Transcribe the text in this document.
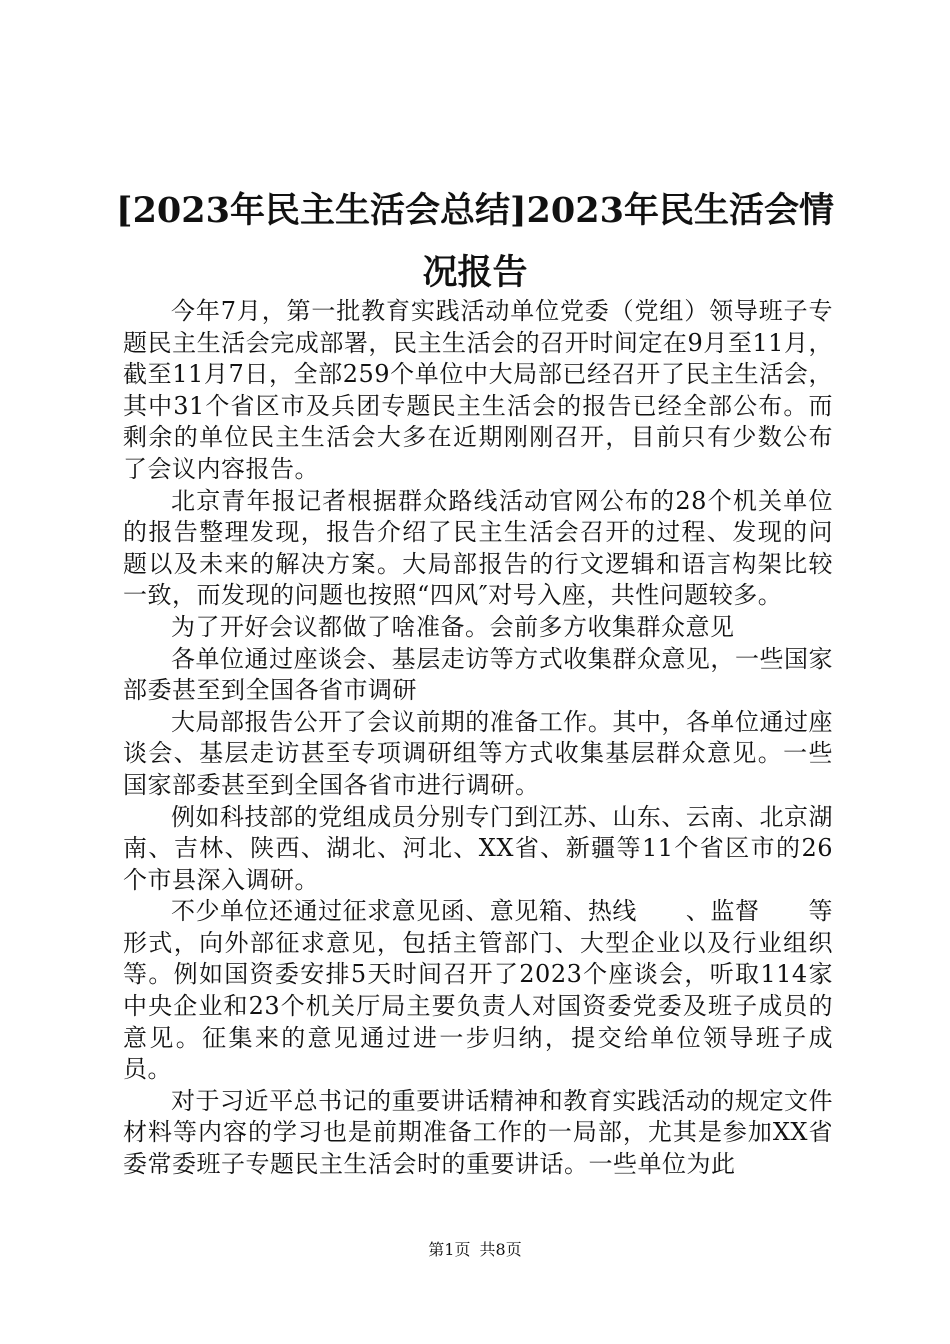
[2023年民主生活会总结]2023年民生活会情况报告

今年7月，第一批教育实践活动单位党委（党组）领导班子专题民主生活会完成部署，民主生活会的召开时间定在9月至11月，截至11月7日，全部259个单位中大局部已经召开了民主生活会，其中31个省区市及兵团专题民主生活会的报告已经全部公布。而剩余的单位民主生活会大多在近期刚刚召开，目前只有少数公布了会议内容报告。

北京青年报记者根据群众路线活动官网公布的28个机关单位的报告整理发现，报告介绍了民主生活会召开的过程、发现的问题以及未来的解决方案。大局部报告的行文逻辑和语言构架比较一致，而发现的问题也按照“四风″对号入座，共性问题较多。

为了开好会议都做了啥准备。会前多方收集群众意见

各单位通过座谈会、基层走访等方式收集群众意见，一些国家部委甚至到全国各省市调研

大局部报告公开了会议前期的准备工作。其中，各单位通过座谈会、基层走访甚至专项调研组等方式收集基层群众意见。一些国家部委甚至到全国各省市进行调研。

例如科技部的党组成员分别专门到江苏、山东、云南、北京湖南、吉林、陕西、湖北、河北、XX省、新疆等11个省区市的26个市县深入调研。

不少单位还通过征求意见函、意见箱、热线　　、监督　　等形式，向外部征求意见，包括主管部门、大型企业以及行业组织等。例如国资委安排5天时间召开了2023个座谈会，听取114家中央企业和23个机关厅局主要负责人对国资委党委及班子成员的意见。征集来的意见通过进一步归纳，提交给单位领导班子成员。

对于习近平总书记的重要讲话精神和教育实践活动的规定文件材料等内容的学习也是前期准备工作的一局部，尤其是参加XX省委常委班子专题民主生活会时的重要讲话。一些单位为此

第1页 共8页
